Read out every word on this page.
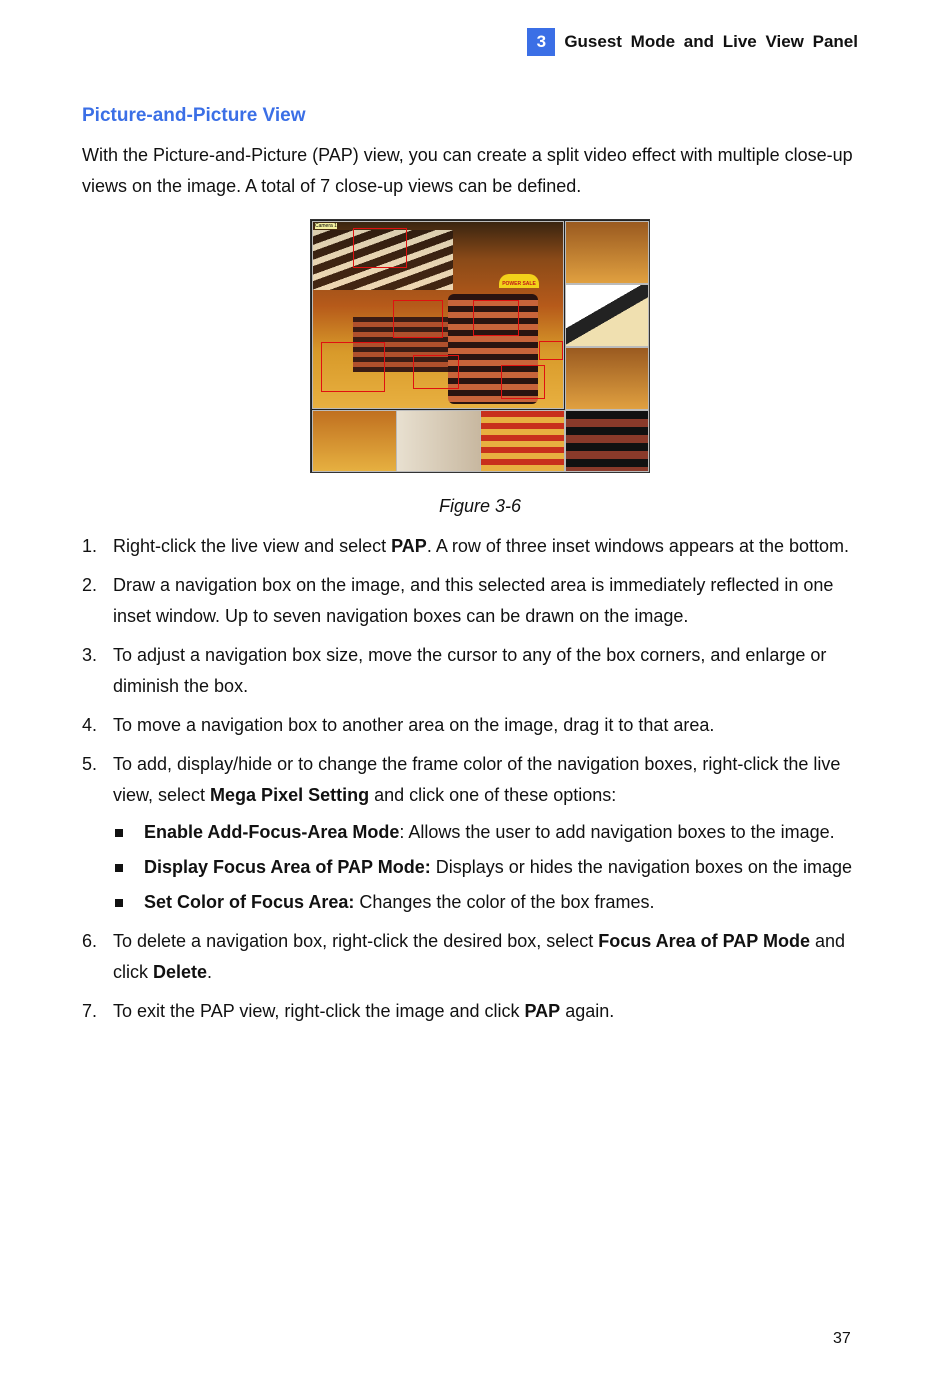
3	Gusest Mode and Live View Panel
Picture-and-Picture View

With the Picture-and-Picture (PAP) view, you can create a split video effect with multiple close-up views on the image. A total of 7 close-up views can be defined.

POWER SALE
Camera 1
Figure 3-6
1. Right-click the live view and select PAP. A row of three inset windows appears at the bottom.
2. Draw a navigation box on the image, and this selected area is immediately reflected in one inset window. Up to seven navigation boxes can be drawn on the image.
3. To adjust a navigation box size, move the cursor to any of the box corners, and enlarge or diminish the box.
4. To move a navigation box to another area on the image, drag it to that area.
5. To add, display/hide or to change the frame color of the navigation boxes, right-click the live view, select Mega Pixel Setting and click one of these options:
Enable Add-Focus-Area Mode: Allows the user to add navigation boxes to the image.
Display Focus Area of PAP Mode: Displays or hides the navigation boxes on the image
Set Color of Focus Area: Changes the color of the box frames.
6. To delete a navigation box, right-click the desired box, select Focus Area of PAP Mode and click Delete.
7. To exit the PAP view, right-click the image and click PAP again.
37
